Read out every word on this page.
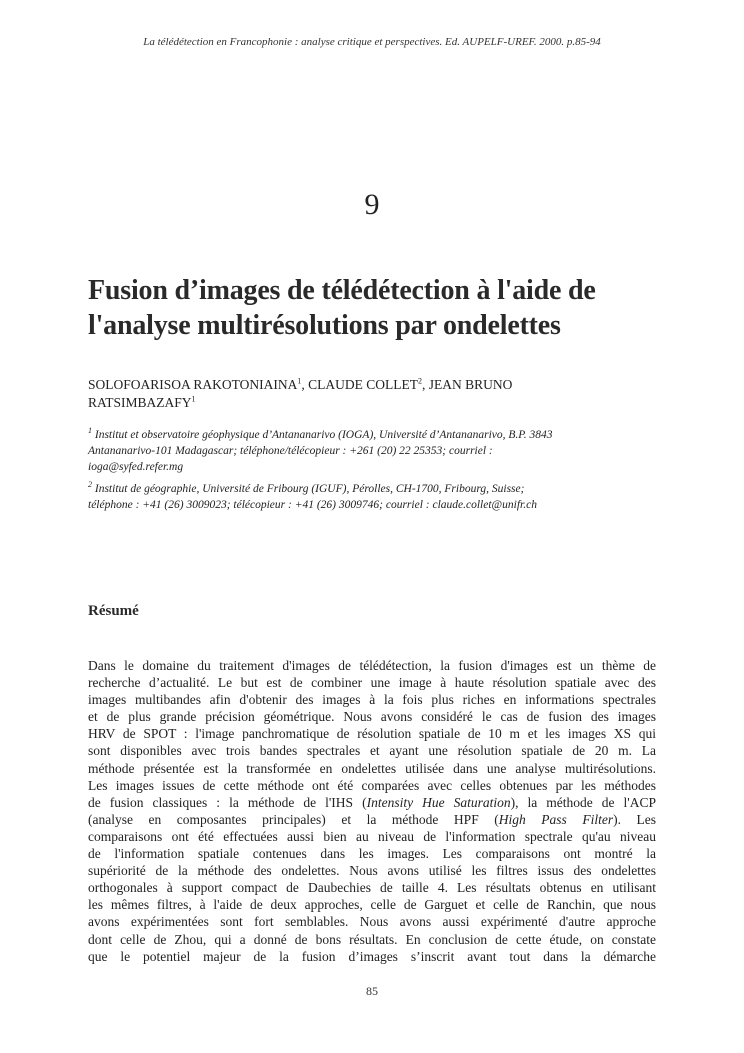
La télédétection en Francophonie : analyse critique et perspectives. Ed. AUPELF-UREF. 2000. p.85-94
9
Fusion d’images de télédétection à l'aide de
l'analyse multirésolutions par ondelettes

SOLOFOARISOA RAKOTONIAINA$^1$, CLAUDE COLLET$^2$, JEAN BRUNO
RATSIMBAZAFY$^1$

$^1$ Institut et observatoire géophysique d’Antananarivo (IOGA), Université d’Antananarivo, B.P. 3843
Antananarivo-101 Madagascar; téléphone/télécopieur : +261 (20) 22 25353; courriel :
ioga@syfed.refer.mg

$^2$ Institut de géographie, Université de Fribourg (IGUF), Pérolles, CH-1700, Fribourg, Suisse;
téléphone : +41 (26) 3009023; télécopieur : +41 (26) 3009746; courriel : claude.collet@unifr.ch

Résumé

Dans le domaine du traitement d'images de télédétection, la fusion d'images est un thème de
recherche d’actualité. Le but est de combiner une image à haute résolution spatiale avec des
images multibandes afin d'obtenir des images à la fois plus riches en informations spectrales
et de plus grande précision géométrique. Nous avons considéré le cas de fusion des images
HRV de SPOT : l'image panchromatique de résolution spatiale de 10 m et les images XS qui
sont disponibles avec trois bandes spectrales et ayant une résolution spatiale de 20 m. La
méthode présentée est la transformée en ondelettes utilisée dans une analyse multirésolutions.
Les images issues de cette méthode ont été comparées avec celles obtenues par les méthodes
de fusion classiques : la méthode de l'IHS (Intensity Hue Saturation), la méthode de l'ACP
(analyse en composantes principales) et la méthode HPF (High Pass Filter). Les
comparaisons ont été effectuées aussi bien au niveau de l'information spectrale qu'au niveau
de l'information spatiale contenues dans les images. Les comparaisons ont montré la
supériorité de la méthode des ondelettes. Nous avons utilisé les filtres issus des ondelettes
orthogonales à support compact de Daubechies de taille 4. Les résultats obtenus en utilisant
les mêmes filtres, à l'aide de deux approches, celle de Garguet et celle de Ranchin, que nous
avons expérimentées sont fort semblables. Nous avons aussi expérimenté d'autre approche
dont celle de Zhou, qui a donné de bons résultats. En conclusion de cette étude, on constate
que le potentiel majeur de la fusion d’images s’inscrit avant tout dans la démarche

85
